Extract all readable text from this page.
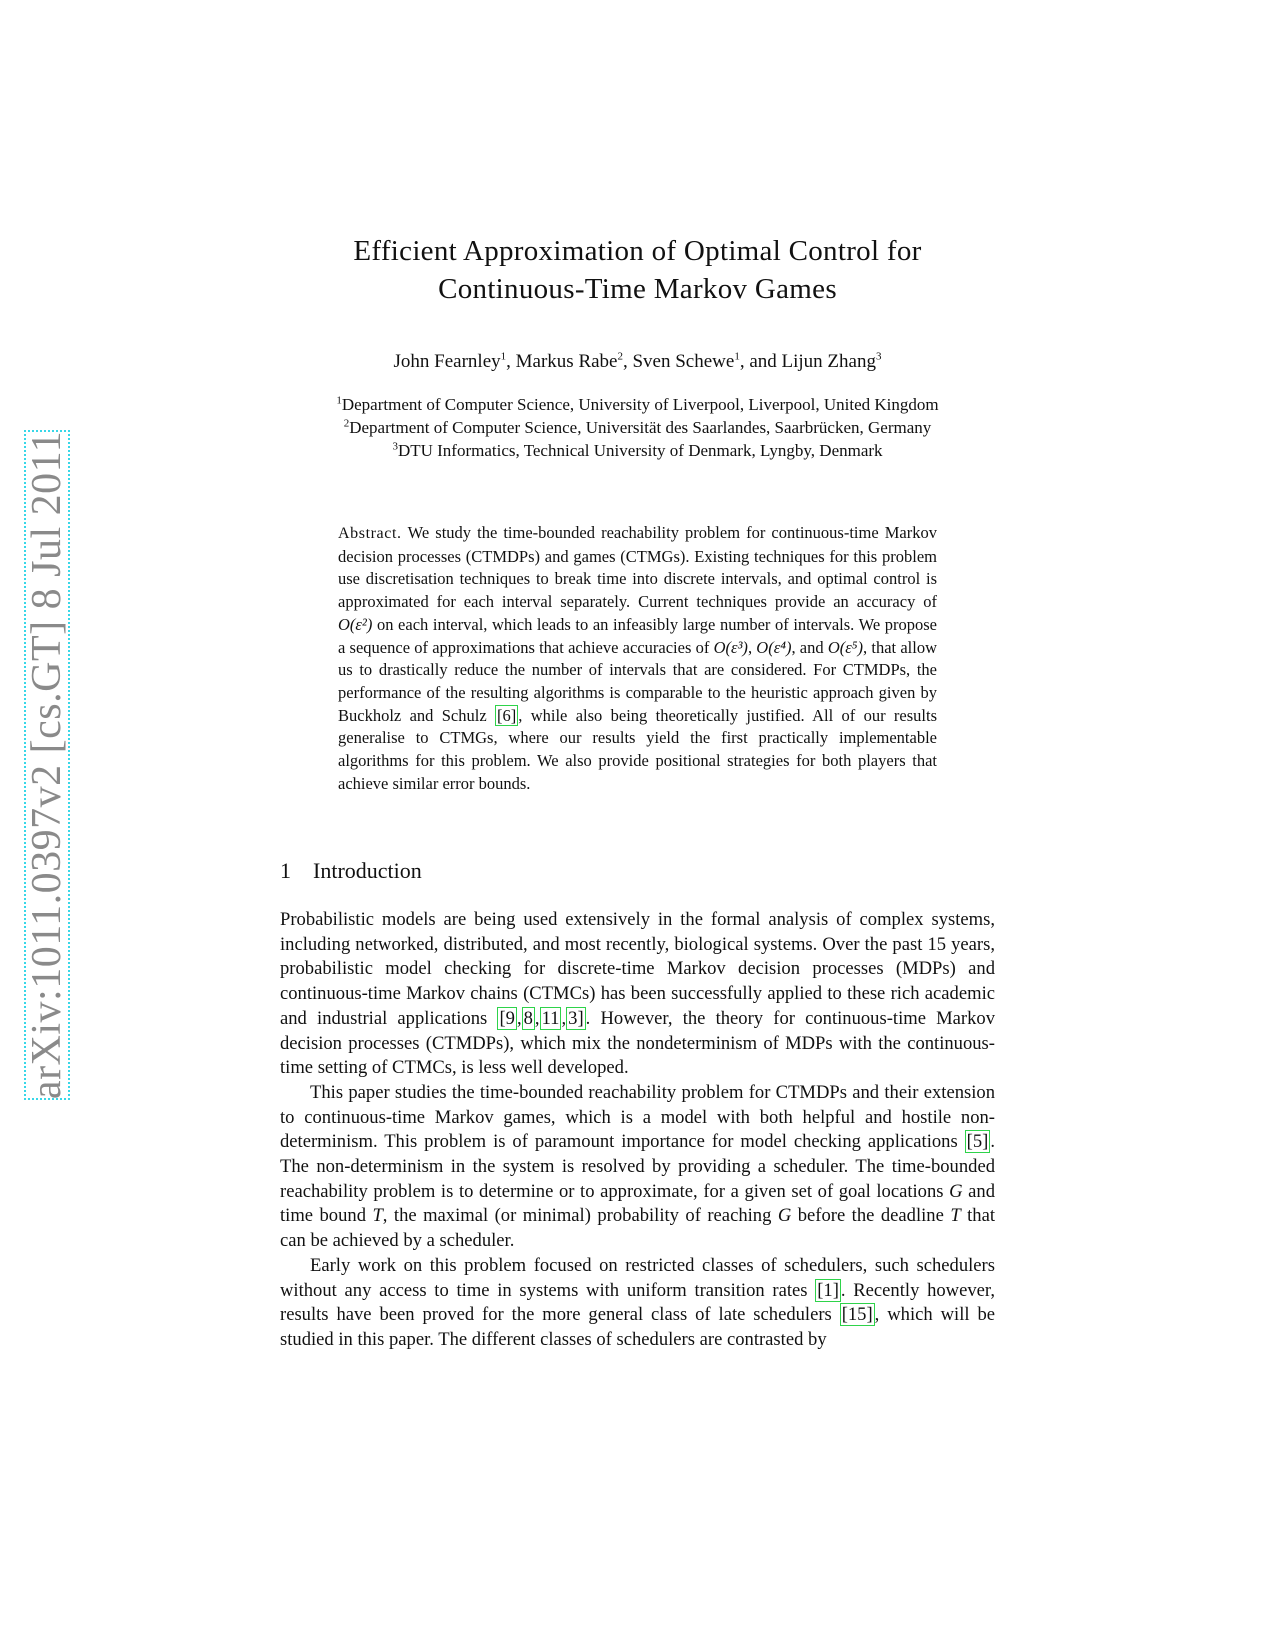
arXiv:1011.0397v2 [cs.GT] 8 Jul 2011
Efficient Approximation of Optimal Control for
Continuous-Time Markov Games
John Fearnley$^1$, Markus Rabe$^2$, Sven Schewe$^1$, and Lijun Zhang$^3$
$^1$Department of Computer Science, University of Liverpool, Liverpool, United Kingdom
$^2$Department of Computer Science, Universität des Saarlandes, Saarbrücken, Germany
$^3$DTU Informatics, Technical University of Denmark, Lyngby, Denmark
Abstract. We study the time-bounded reachability problem for continuous-time Markov decision processes (CTMDPs) and games (CTMGs). Existing techniques for this problem use discretisation techniques to break time into discrete intervals, and optimal control is approximated for each interval separately. Current techniques provide an accuracy of O(ε²) on each interval, which leads to an infeasibly large number of intervals. We propose a sequence of approximations that achieve accuracies of O(ε³), O(ε⁴), and O(ε⁵), that allow us to drastically reduce the number of intervals that are considered. For CTMDPs, the performance of the resulting algorithms is comparable to the heuristic approach given by Buckholz and Schulz [6] , while also being theoretically justified. All of our results generalise to CTMGs, where our results yield the first practically implementable algorithms for this problem. We also provide positional strategies for both players that achieve similar error bounds.
1 Introduction

Probabilistic models are being used extensively in the formal analysis of complex systems, including networked, distributed, and most recently, biological systems. Over the past 15 years, probabilistic model checking for discrete-time Markov decision processes (MDPs) and continuous-time Markov chains (CTMCs) has been successfully applied to these rich academic and industrial applications [9 , 8 , 11 , 3] . However, the theory for continuous-time Markov decision processes (CTMDPs), which mix the nondeterminism of MDPs with the continuous-time setting of CTMCs, is less well developed.

This paper studies the time-bounded reachability problem for CTMDPs and their extension to continuous-time Markov games, which is a model with both helpful and hostile non-determinism. This problem is of paramount importance for model checking applications [5] . The non-determinism in the system is resolved by providing a scheduler. The time-bounded reachability problem is to determine or to approximate, for a given set of goal locations G and time bound T, the maximal (or minimal) probability of reaching G before the deadline T that can be achieved by a scheduler.

Early work on this problem focused on restricted classes of schedulers, such schedulers without any access to time in systems with uniform transition rates [1] . Recently however, results have been proved for the more general class of late schedulers [15] , which will be studied in this paper. The different classes of schedulers are contrasted by
